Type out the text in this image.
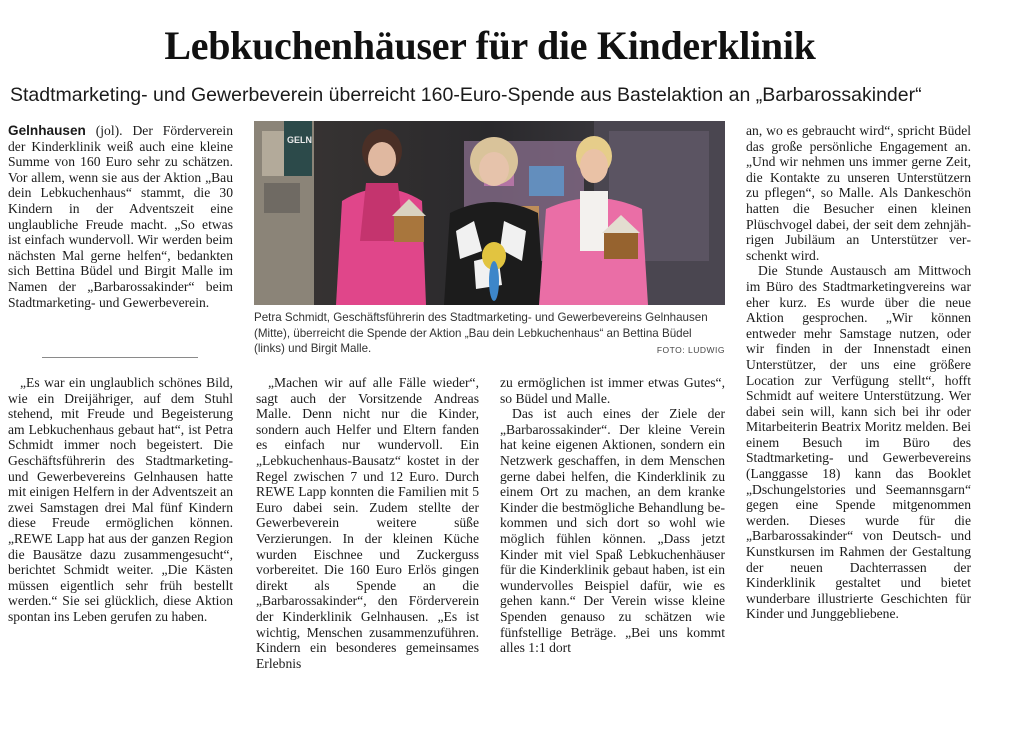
Lebkuchenhäuser für die Kinderklinik
Stadtmarketing- und Gewerbeverein überreicht 160-Euro-Spende aus Bastelaktion an „Barbarossakinder“

Gelnhausen (jol). Der Förderverein der Kinderklinik weiß auch eine kleine Summe von 160 Euro sehr zu schätzen. Vor allem, wenn sie aus der Aktion „Bau dein Lebkuchenhaus“ stammt, die 30 Kindern in der Adventszeit eine unglaubliche Freude macht. „So etwas ist einfach wundervoll. Wir werden beim nächsten Mal gerne helfen“, bedankten sich Bettina Büdel und Birgit Malle im Namen der „Barbarossakinder“ beim Stadtmarketing- und Gewerbeverein.

„Es war ein unglaublich schönes Bild, wie ein Dreijähriger, auf dem Stuhl stehend, mit Freude und Begeisterung am Lebkuchenhaus gebaut hat“, ist Petra Schmidt immer noch begeistert. Die Geschäftsführerin des Stadtmarketing- und Gewerbevereins Gelnhausen hatte mit einigen Helfern in der Adventszeit an zwei Samstagen drei Mal fünf Kindern diese Freude ermöglichen können. „REWE Lapp hat aus der ganzen Region die Bausätze dazu zusammengesucht“, berichtet Schmidt weiter. „Die Kästen müssen eigentlich sehr früh bestellt werden.“ Sie sei glücklich, diese Aktion spontan ins Leben gerufen zu haben.

GELN
Petra Schmidt, Geschäftsführerin des Stadtmarketing- und Gewerbevereins Gelnhausen (Mitte), überreicht die Spende der Aktion „Bau dein Lebkuchenhaus“ an Bettina Büdel (links) und Birgit Malle.	FOTO: LUDWIG

„Machen wir auf alle Fälle wieder“, sagt auch der Vorsitzende Andreas Malle. Denn nicht nur die Kinder, sondern auch Helfer und Eltern fanden es einfach nur wundervoll. Ein „Lebkuchenhaus-Bausatz“ kostet in der Regel zwischen 7 und 12 Euro. Durch REWE Lapp konnten die Familien mit 5 Euro dabei sein. Zudem stellte der Gewerbeverein weitere süße Verzierungen. In der kleinen Küche wurden Eischnee und Zuckerguss vorbereitet. Die 160 Euro Erlös gingen direkt als Spende an die „Barbarossakinder“, den Förderverein der Kinderklinik Gelnhausen. „Es ist wichtig, Menschen zusammenzuführen. Kindern ein besonderes gemeinsames Erlebnis

zu ermöglichen ist immer etwas Gutes“, so Büdel und Malle.

Das ist auch eines der Ziele der „Barbarossakinder“. Der kleine Verein hat keine eigenen Aktionen, sondern ein Netzwerk geschaffen, in dem Menschen gerne dabei helfen, die Kinderklinik zu einem Ort zu machen, an dem kranke Kinder die bestmögliche Behandlung bekommen und sich dort so wohl wie möglich fühlen können. „Dass jetzt Kinder mit viel Spaß Lebkuchenhäuser für die Kinderklinik gebaut haben, ist ein wundervolles Beispiel dafür, wie es gehen kann.“ Der Verein wisse kleine Spenden genauso zu schätzen wie fünfstellige Beträge. „Bei uns kommt alles 1:1 dort

an, wo es gebraucht wird“, spricht Büdel das große persönliche Engagement an. „Und wir nehmen uns immer gerne Zeit, die Kontakte zu unseren Unterstützern zu pflegen“, so Malle. Als Dankeschön hatten die Besucher einen kleinen Plüschvogel dabei, der seit dem zehnjährigen Jubiläum an Unterstützer verschenkt wird.

Die Stunde Austausch am Mittwoch im Büro des Stadtmarketingvereins war eher kurz. Es wurde über die neue Aktion gesprochen. „Wir können entweder mehr Samstage nutzen, oder wir finden in der Innenstadt einen Unterstützer, der uns eine größere Location zur Verfügung stellt“, hofft Schmidt auf weitere Unterstützung. Wer dabei sein will, kann sich bei ihr oder Mitarbeiterin Beatrix Moritz melden. Bei einem Besuch im Büro des Stadtmarketing- und Gewerbevereins (Langgasse 18) kann das Booklet „Dschungelstories und Seemannsgarn“ gegen eine Spende mitgenommen werden. Dieses wurde für die „Barbarossakinder“ von Deutsch- und Kunstkursen im Rahmen der Gestaltung der neuen Dachterrassen der Kinderklinik gestaltet und bietet wunderbare illustrierte Geschichten für Kinder und Junggebliebene.
